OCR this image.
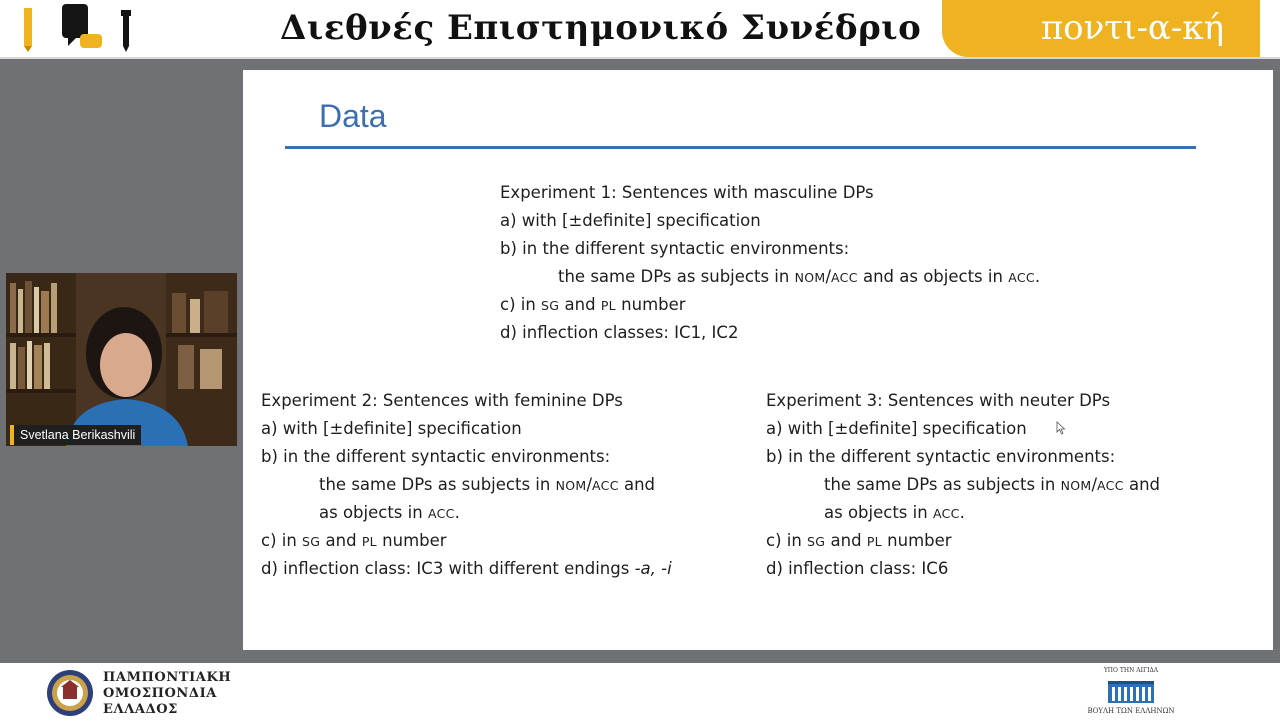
Διεθνές Επιστημονικό Συνέδριο	ποντι-α-κή
Svetlana Berikashvili
Data
Experiment 1: Sentences with masculine DPs
a) with [±definite] specification
b) in the different syntactic environments:
the same DPs as subjects in NOM/ACC and as objects in ACC.
c) in SG and PL number
d) inflection classes: IC1, IC2
Experiment 2: Sentences with feminine DPs
a) with [±definite] specification
b) in the different syntactic environments:
the same DPs as subjects in NOM/ACC and
as objects in ACC.
c) in SG and PL number
d) inflection class: IC3 with different endings -a, -i
Experiment 3: Sentences with neuter DPs
a) with [±definite] specification
b) in the different syntactic environments:
the same DPs as subjects in NOM/ACC and
as objects in ACC.
c) in SG and PL number
d) inflection class: IC6
ΠΑΜΠΟΝΤΙΑΚΗ
ΟΜΟΣΠΟΝΔΙΑ
ΕΛΛΑΔΟΣ
ΥΠΟ ΤΗΝ ΑΙΓΙΔΑ
ΒΟΥΛΗ ΤΩΝ ΕΛΛΗΝΩΝ
